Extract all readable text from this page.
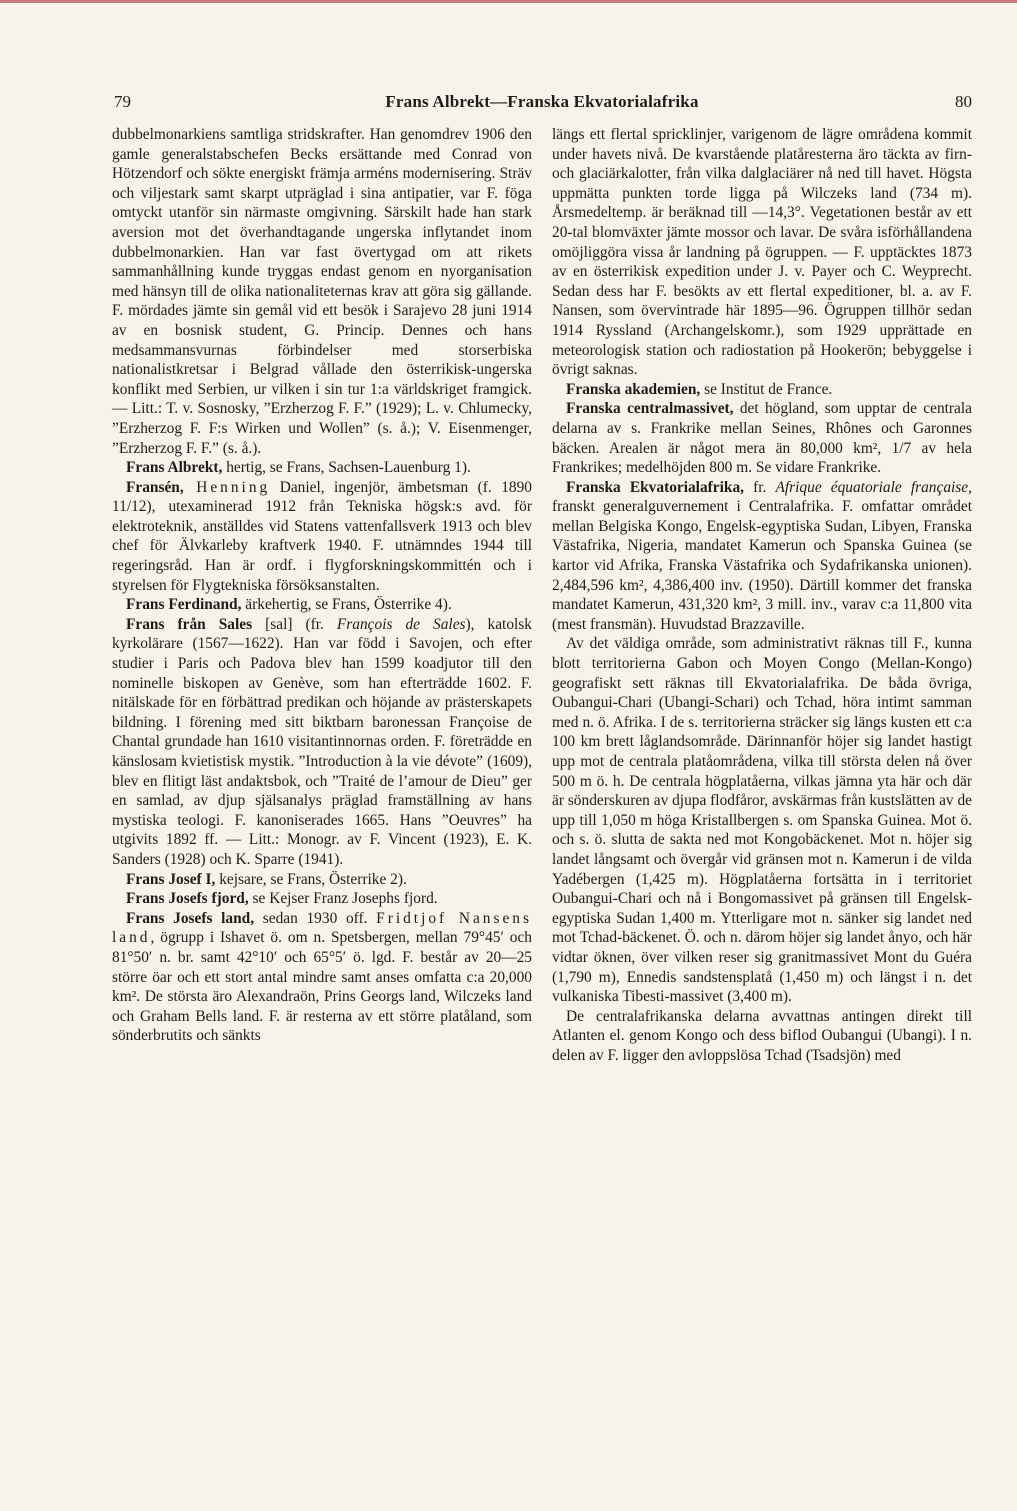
79	Frans Albrekt—Franska Ekvatorialafrika	80

dubbelmonarkiens samtliga stridskrafter. Han genomdrev 1906 den gamle generalstabschefen Becks ersättande med Conrad von Hötzendorf och sökte energiskt främja arméns modernisering. Sträv och viljestark samt skarpt utpräglad i sina antipatier, var F. föga omtyckt utanför sin närmaste omgivning. Särskilt hade han stark aversion mot det överhandtagande ungerska inflytandet inom dubbelmonarkien. Han var fast övertygad om att rikets sammanhållning kunde tryggas endast genom en nyorganisation med hänsyn till de olika nationaliteternas krav att göra sig gällande. F. mördades jämte sin gemål vid ett besök i Sarajevo 28 juni 1914 av en bosnisk student, G. Princip. Dennes och hans medsammansvurnas förbindelser med storserbiska nationalistkretsar i Belgrad vållade den österrikisk-ungerska konflikt med Serbien, ur vilken i sin tur 1:a världskriget framgick. — Litt.: T. v. Sosnosky, ”Erzherzog F. F.” (1929); L. v. Chlumecky, ”Erzherzog F. F:s Wirken und Wollen” (s. å.); V. Eisenmenger, ”Erzherzog F. F.” (s. å.).

Frans Albrekt, hertig, se Frans, Sachsen-Lauenburg 1).

Fransén, Henning Daniel, ingenjör, ämbetsman (f. 1890 11/12), utexaminerad 1912 från Tekniska högsk:s avd. för elektroteknik, anställdes vid Statens vattenfallsverk 1913 och blev chef för Älvkarleby kraftverk 1940. F. utnämndes 1944 till regeringsråd. Han är ordf. i flygforskningskommittén och i styrelsen för Flygtekniska försöksanstalten.

Frans Ferdinand, ärkehertig, se Frans, Österrike 4).

Frans från Sales [sal] (fr. François de Sales), katolsk kyrkolärare (1567—1622). Han var född i Savojen, och efter studier i Paris och Padova blev han 1599 koadjutor till den nominelle biskopen av Genève, som han efterträdde 1602. F. nitälskade för en förbättrad predikan och höjande av prästerskapets bildning. I förening med sitt biktbarn baronessan Françoise de Chantal grundade han 1610 visitantinnornas orden. F. företrädde en känslosam kvietistisk mystik. ”Introduction à la vie dévote” (1609), blev en flitigt läst andaktsbok, och ”Traité de l’amour de Dieu” ger en samlad, av djup själsanalys präglad framställning av hans mystiska teologi. F. kanoniserades 1665. Hans ”Oeuvres” ha utgivits 1892 ff. — Litt.: Monogr. av F. Vincent (1923), E. K. Sanders (1928) och K. Sparre (1941).

Frans Josef I, kejsare, se Frans, Österrike 2).

Frans Josefs fjord, se Kejser Franz Josephs fjord.

Frans Josefs land, sedan 1930 off. Fridtjof Nansens land, ögrupp i Ishavet ö. om n. Spetsbergen, mellan 79°45′ och 81°50′ n. br. samt 42°10′ och 65°5′ ö. lgd. F. består av 20—25 större öar och ett stort antal mindre samt anses omfatta c:a 20,000 km². De största äro Alexandraön, Prins Georgs land, Wilczeks land och Graham Bells land. F. är resterna av ett större platåland, som sönderbrutits och sänkts

längs ett flertal spricklinjer, varigenom de lägre områdena kommit under havets nivå. De kvarstående platåresterna äro täckta av firn- och glaciärkalotter, från vilka dalglaciärer nå ned till havet. Högsta uppmätta punkten torde ligga på Wilczeks land (734 m). Årsmedeltemp. är beräknad till —14,3°. Vegetationen består av ett 20-tal blomväxter jämte mossor och lavar. De svåra isförhållandena omöjliggöra vissa år landning på ögruppen. — F. upptäcktes 1873 av en österrikisk expedition under J. v. Payer och C. Weyprecht. Sedan dess har F. besökts av ett flertal expeditioner, bl. a. av F. Nansen, som övervintrade här 1895—96. Ögruppen tillhör sedan 1914 Ryssland (Archangelskomr.), som 1929 upprättade en meteorologisk station och radiostation på Hookerön; bebyggelse i övrigt saknas.

Franska akademien, se Institut de France.

Franska centralmassivet, det högland, som upptar de centrala delarna av s. Frankrike mellan Seines, Rhônes och Garonnes bäcken. Arealen är något mera än 80,000 km², 1/7 av hela Frankrikes; medelhöjden 800 m. Se vidare Frankrike.

Franska Ekvatorialafrika, fr. Afrique équatoriale française, franskt generalguvernement i Centralafrika. F. omfattar området mellan Belgiska Kongo, Engelsk-egyptiska Sudan, Libyen, Franska Västafrika, Nigeria, mandatet Kamerun och Spanska Guinea (se kartor vid Afrika, Franska Västafrika och Sydafrikanska unionen). 2,484,596 km², 4,386,400 inv. (1950). Därtill kommer det franska mandatet Kamerun, 431,320 km², 3 mill. inv., varav c:a 11,800 vita (mest fransmän). Huvudstad Brazzaville.

Av det väldiga område, som administrativt räknas till F., kunna blott territorierna Gabon och Moyen Congo (Mellan-Kongo) geografiskt sett räknas till Ekvatorialafrika. De båda övriga, Oubangui-Chari (Ubangi-Schari) och Tchad, höra intimt samman med n. ö. Afrika. I de s. territorierna sträcker sig längs kusten ett c:a 100 km brett låglandsområde. Därinnanför höjer sig landet hastigt upp mot de centrala platåområdena, vilka till största delen nå över 500 m ö. h. De centrala högplatåerna, vilkas jämna yta här och där är sönderskuren av djupa flodfåror, avskärmas från kustslätten av de upp till 1,050 m höga Kristallbergen s. om Spanska Guinea. Mot ö. och s. ö. slutta de sakta ned mot Kongobäckenet. Mot n. höjer sig landet långsamt och övergår vid gränsen mot n. Kamerun i de vilda Yadébergen (1,425 m). Högplatåerna fortsätta in i territoriet Oubangui-Chari och nå i Bongomassivet på gränsen till Engelsk-egyptiska Sudan 1,400 m. Ytterligare mot n. sänker sig landet ned mot Tchad-bäckenet. Ö. och n. därom höjer sig landet ånyo, och här vidtar öknen, över vilken reser sig granitmassivet Mont du Guéra (1,790 m), Ennedis sandstensplatå (1,450 m) och längst i n. det vulkaniska Tibesti-massivet (3,400 m).

De centralafrikanska delarna avvattnas antingen direkt till Atlanten el. genom Kongo och dess biflod Oubangui (Ubangi). I n. delen av F. ligger den avloppslösa Tchad (Tsadsjön) med
